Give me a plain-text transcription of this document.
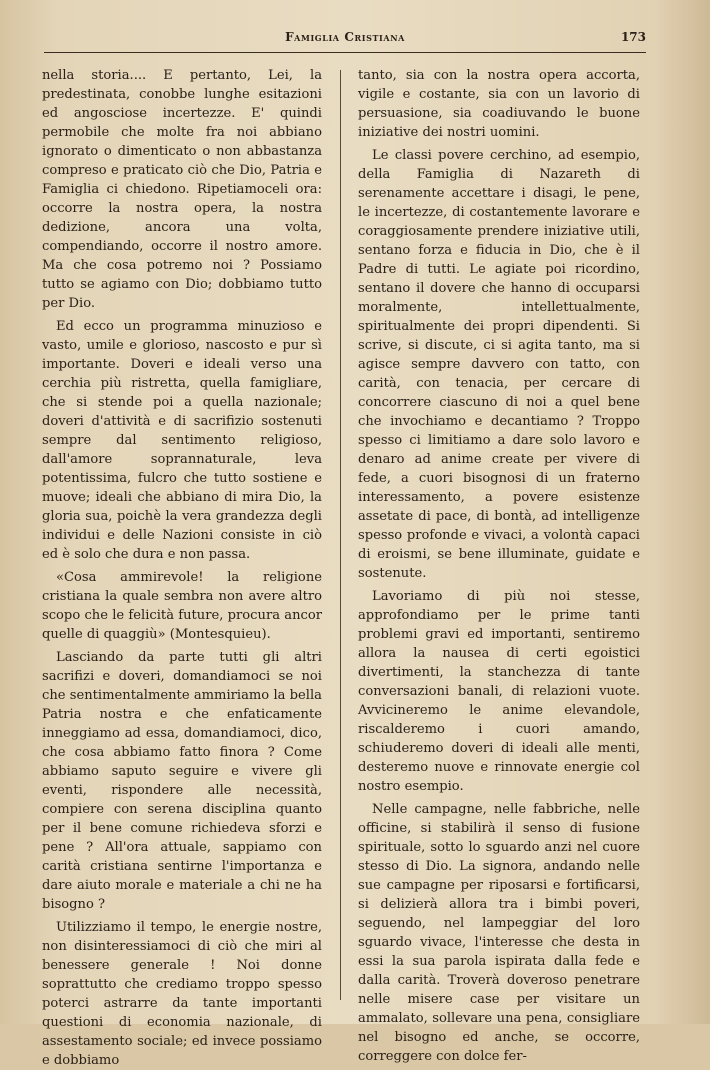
Famiglia Cristiana	173

nella storia.... E pertanto, Lei, la predestinata, conobbe lunghe esitazioni ed angosciose incertezze. E' quindi permobile che molte fra noi abbiano ignorato o dimenticato o non abbastanza compreso e praticato ciò che Dio, Patria e Famiglia ci chiedono. Ripetiamoceli ora: occorre la nostra opera, la nostra dedizione, ancora una volta, compendiando, occorre il nostro amore. Ma che cosa potremo noi ? Possiamo tutto se agiamo con Dio; dobbiamo tutto per Dio.

Ed ecco un programma minuzioso e vasto, umile e glorioso, nascosto e pur sì importante. Doveri e ideali verso una cerchia più ristretta, quella famigliare, che si stende poi a quella nazionale; doveri d'attività e di sacrifizio sostenuti sempre dal sentimento religioso, dall'amore soprannaturale, leva potentissima, fulcro che tutto sostiene e muove; ideali che abbiano di mira Dio, la gloria sua, poichè la vera grandezza degli individui e delle Nazioni consiste in ciò ed è solo che dura e non passa.

«Cosa ammirevole! la religione cristiana la quale sembra non avere altro scopo che le felicità future, procura ancor quelle di quaggiù» (Montesquieu).

Lasciando da parte tutti gli altri sacrifizi e doveri, domandiamoci se noi che sentimentalmente ammiriamo la bella Patria nostra e che enfaticamente inneggiamo ad essa, domandiamoci, dico, che cosa abbiamo fatto finora ? Come abbiamo saputo seguire e vivere gli eventi, rispondere alle necessità, compiere con serena disciplina quanto per il bene comune richiedeva sforzi e pene ? All'ora attuale, sappiamo con carità cristiana sentirne l'importanza e dare aiuto morale e materiale a chi ne ha bisogno ?

Utilizziamo il tempo, le energie nostre, non disinteressiamoci di ciò che miri al benessere generale ! Noi donne soprattutto che crediamo troppo spesso poterci astrarre da tante importanti questioni di economia nazionale, di assestamento sociale; ed invece possiamo e dobbiamo

tanto, sia con la nostra opera accorta, vigile e costante, sia con un lavorio di persuasione, sia coadiuvando le buone iniziative dei nostri uomini.

Le classi povere cerchino, ad esempio, della Famiglia di Nazareth di serenamente accettare i disagi, le pene, le incertezze, di costantemente lavorare e coraggiosamente prendere iniziative utili, sentano forza e fiducia in Dio, che è il Padre di tutti. Le agiate poi ricordino, sentano il dovere che hanno di occuparsi moralmente, intellettualmente, spiritualmente dei propri dipendenti. Si scrive, si discute, ci si agita tanto, ma si agisce sempre davvero con tatto, con carità, con tenacia, per cercare di concorrere ciascuno di noi a quel bene che invochiamo e decantiamo ? Troppo spesso ci limitiamo a dare solo lavoro e denaro ad anime create per vivere di fede, a cuori bisognosi di un fraterno interessamento, a povere esistenze assetate di pace, di bontà, ad intelligenze spesso profonde e vivaci, a volontà capaci di eroismi, se bene illuminate, guidate e sostenute.

Lavoriamo di più noi stesse, approfondiamo per le prime tanti problemi gravi ed importanti, sentiremo allora la nausea di certi egoistici divertimenti, la stanchezza di tante conversazioni banali, di relazioni vuote. Avvicineremo le anime elevandole, riscalderemo i cuori amando, schiuderemo doveri di ideali alle menti, desteremo nuove e rinnovate energie col nostro esempio.

Nelle campagne, nelle fabbriche, nelle officine, si stabilirà il senso di fusione spirituale, sotto lo sguardo anzi nel cuore stesso di Dio. La signora, andando nelle sue campagne per riposarsi e fortificarsi, si delizierà allora tra i bimbi poveri, seguendo, nel lampeggiar del loro sguardo vivace, l'interesse che desta in essi la sua parola ispirata dalla fede e dalla carità. Troverà doveroso penetrare nelle misere case per visitare un ammalato, sollevare una pena, consigliare nel bisogno ed anche, se occorre, correggere con dolce fer-
